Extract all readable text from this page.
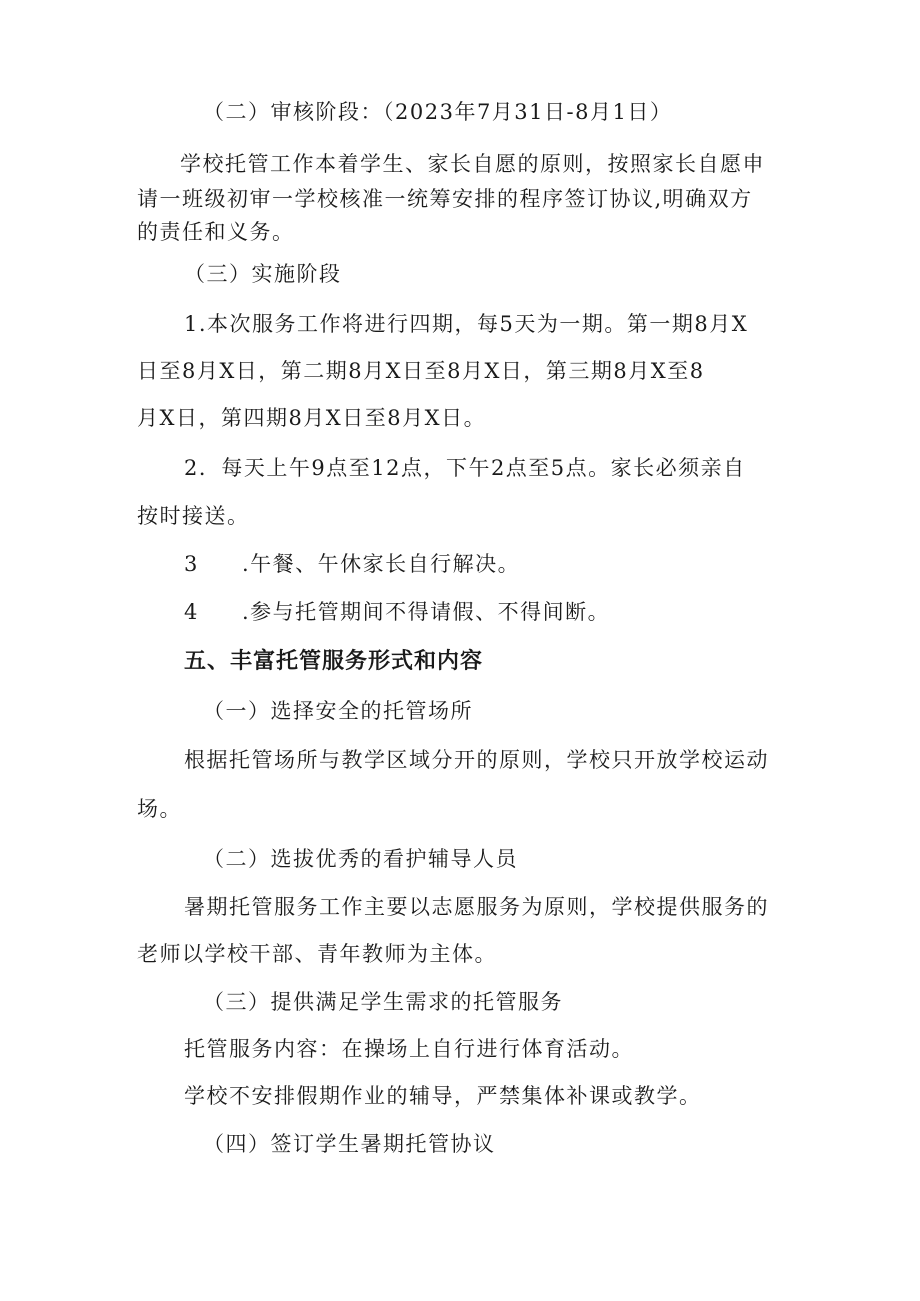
（二）审核阶段：（2023年7月31日-8月1日）
学校托管工作本着学生、家长自愿的原则，按照家长自愿申
请一班级初审一学校核准一统筹安排的程序签订协议,明确双方
的责任和义务。
（三）实施阶段
1.本次服务工作将进行四期，每5天为一期。第一期8月X
日至8月X日，第二期8月X日至8月X日，第三期8月X至8
月X日，第四期8月X日至8月X日。
2．每天上午9点至12点，下午2点至5点。家长必须亲自
按时接送。
3 .午餐、午休家长自行解决。
4 .参与托管期间不得请假、不得间断。
五、丰富托管服务形式和内容
（一）选择安全的托管场所
根据托管场所与教学区域分开的原则，学校只开放学校运动
场。
（二）选拔优秀的看护辅导人员
暑期托管服务工作主要以志愿服务为原则，学校提供服务的
老师以学校干部、青年教师为主体。
（三）提供满足学生需求的托管服务
托管服务内容：在操场上自行进行体育活动。
学校不安排假期作业的辅导，严禁集体补课或教学。
（四）签订学生暑期托管协议
